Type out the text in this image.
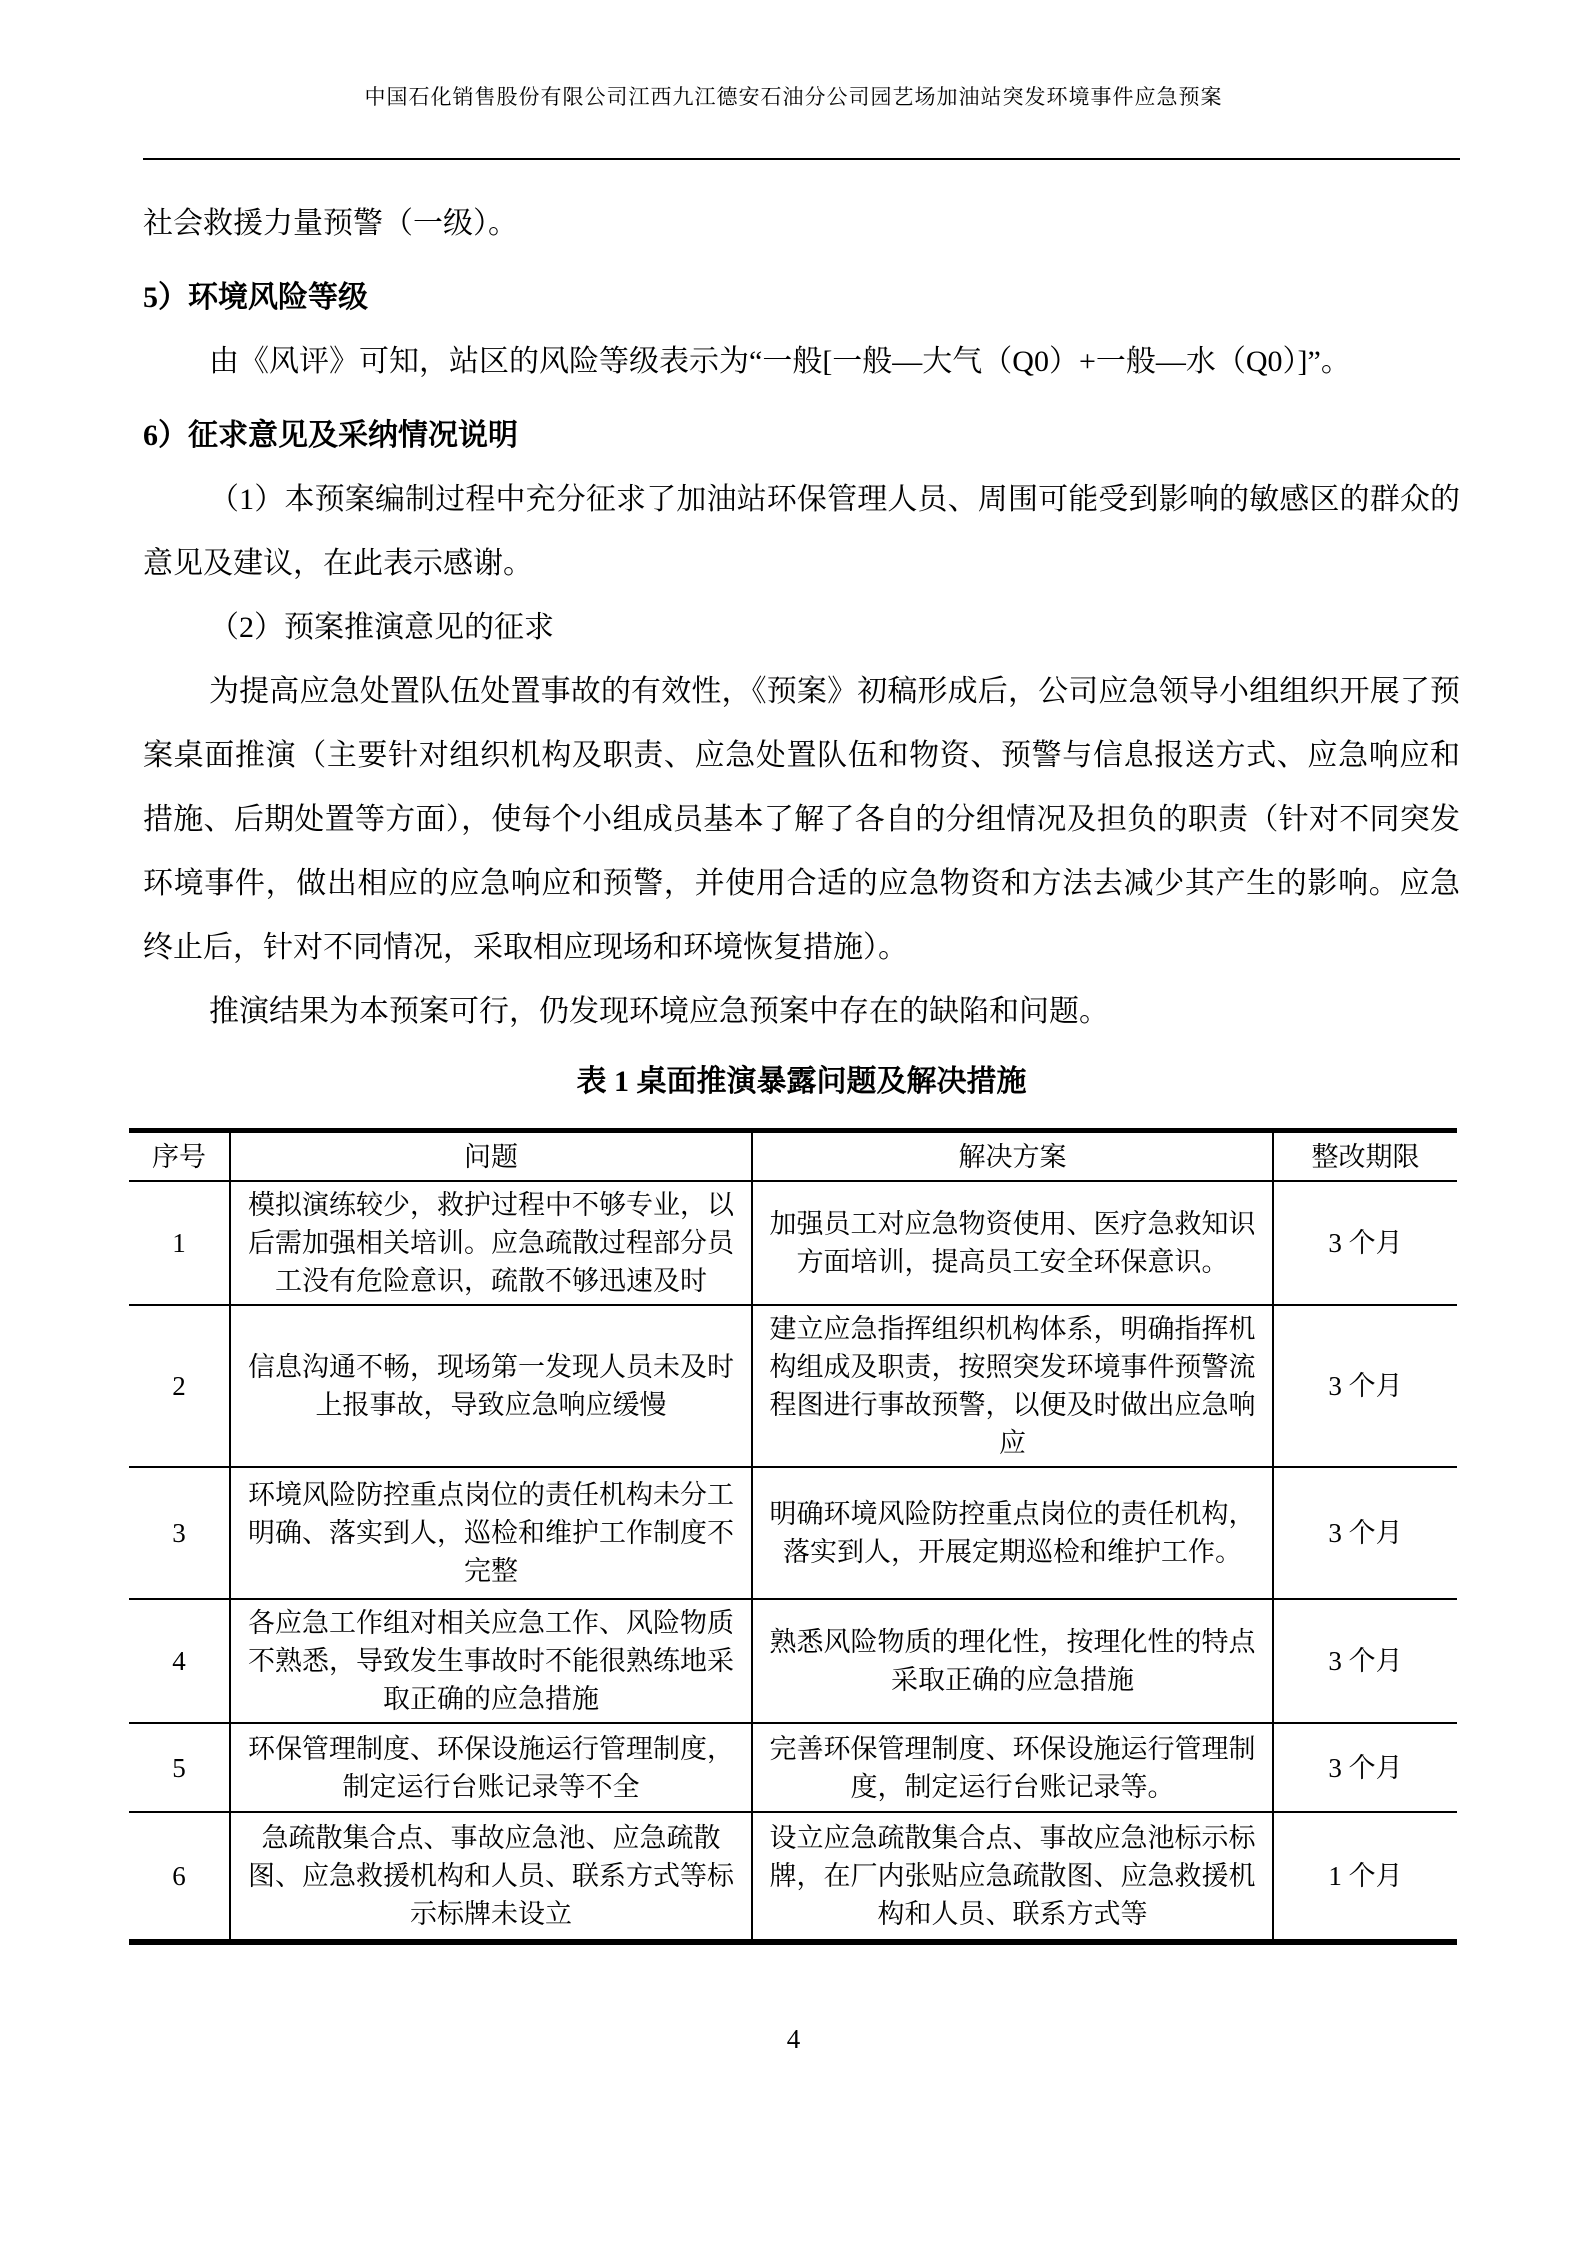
中国石化销售股份有限公司江西九江德安石油分公司园艺场加油站突发环境事件应急预案

社会救援力量预警（一级）。

5）环境风险等级

由《风评》可知，站区的风险等级表示为“一般[一般—大气（Q0）+一般—水（Q0）]”。

6）征求意见及采纳情况说明

（1）本预案编制过程中充分征求了加油站环保管理人员、周围可能受到影响的敏感区的群众的意见及建议，在此表示感谢。

（2）预案推演意见的征求

为提高应急处置队伍处置事故的有效性，《预案》初稿形成后，公司应急领导小组组织开展了预案桌面推演（主要针对组织机构及职责、应急处置队伍和物资、预警与信息报送方式、应急响应和措施、后期处置等方面），使每个小组成员基本了解了各自的分组情况及担负的职责（针对不同突发环境事件，做出相应的应急响应和预警，并使用合适的应急物资和方法去减少其产生的影响。应急终止后，针对不同情况，采取相应现场和环境恢复措施）。

推演结果为本预案可行，仍发现环境应急预案中存在的缺陷和问题。

表 1 桌面推演暴露问题及解决措施

序号	问题	解决方案	整改期限
1	模拟演练较少，救护过程中不够专业，以后需加强相关培训。应急疏散过程部分员工没有危险意识，疏散不够迅速及时	加强员工对应急物资使用、医疗急救知识方面培训，提高员工安全环保意识。	3 个月
2	信息沟通不畅，现场第一发现人员未及时上报事故，导致应急响应缓慢	建立应急指挥组织机构体系，明确指挥机构组成及职责，按照突发环境事件预警流程图进行事故预警，以便及时做出应急响应	3 个月
3	环境风险防控重点岗位的责任机构未分工明确、落实到人，巡检和维护工作制度不完整	明确环境风险防控重点岗位的责任机构，落实到人，开展定期巡检和维护工作。	3 个月
4	各应急工作组对相关应急工作、风险物质不熟悉，导致发生事故时不能很熟练地采取正确的应急措施	熟悉风险物质的理化性，按理化性的特点采取正确的应急措施	3 个月
5	环保管理制度、环保设施运行管理制度，制定运行台账记录等不全	完善环保管理制度、环保设施运行管理制度，制定运行台账记录等。	3 个月
6	急疏散集合点、事故应急池、应急疏散图、应急救援机构和人员、联系方式等标示标牌未设立	设立应急疏散集合点、事故应急池标示标牌，在厂内张贴应急疏散图、应急救援机构和人员、联系方式等	1 个月
4
